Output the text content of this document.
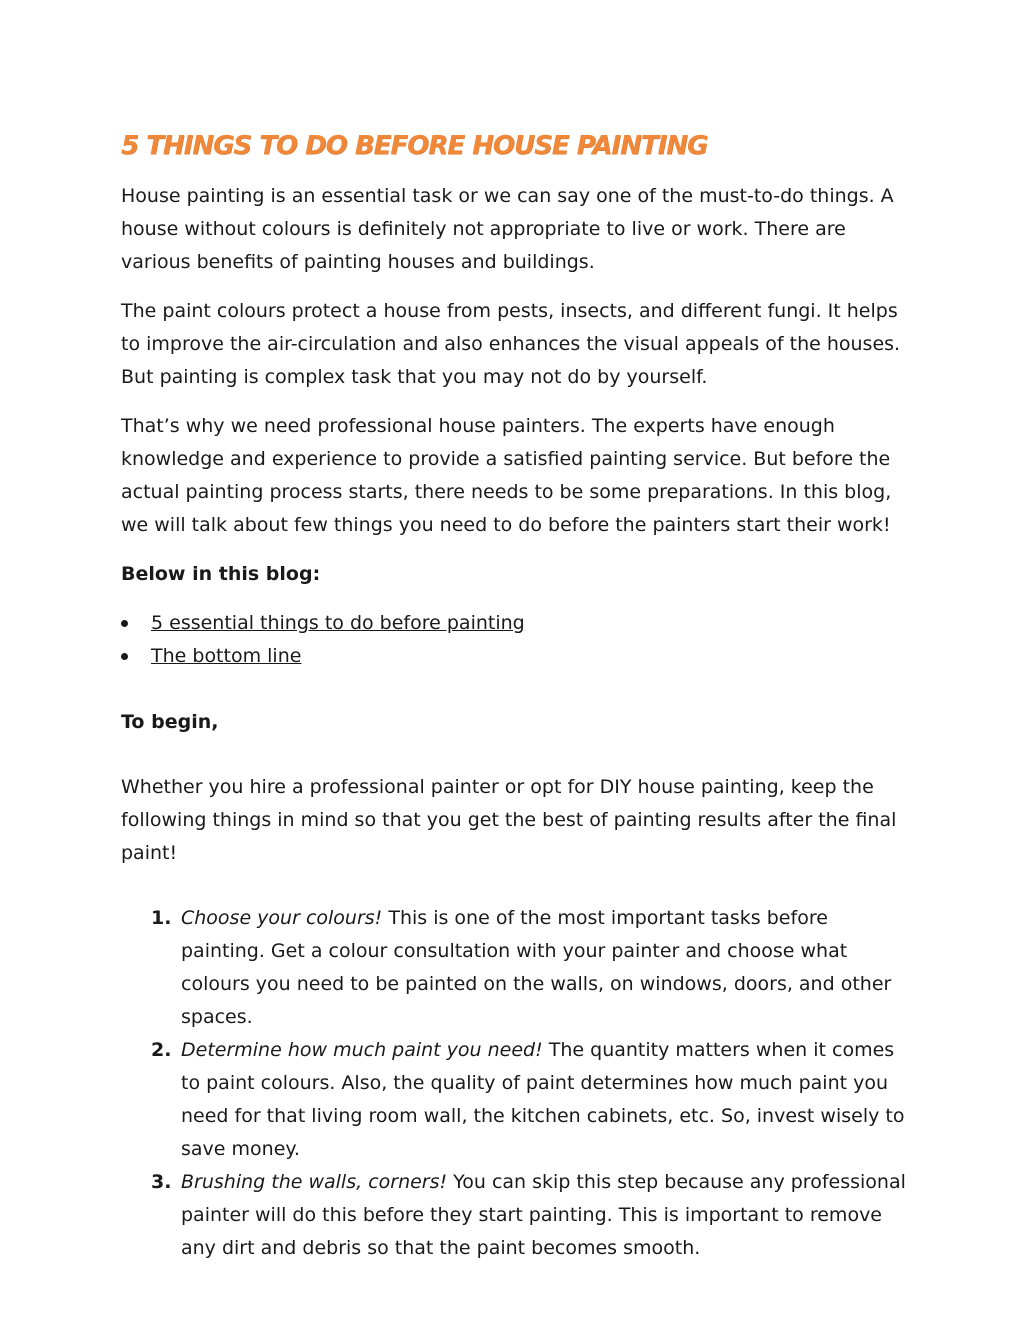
5 THINGS TO DO BEFORE HOUSE PAINTING

House painting is an essential task or we can say one of the must-to-do things. A house without colours is definitely not appropriate to live or work. There are various benefits of painting houses and buildings.

The paint colours protect a house from pests, insects, and different fungi. It helps to improve the air-circulation and also enhances the visual appeals of the houses. But painting is complex task that you may not do by yourself.

That’s why we need professional house painters. The experts have enough knowledge and experience to provide a satisfied painting service. But before the actual painting process starts, there needs to be some preparations. In this blog, we will talk about few things you need to do before the painters start their work!

Below in this blog:

5 essential things to do before painting
The bottom line

To begin,

Whether you hire a professional painter or opt for DIY house painting, keep the following things in mind so that you get the best of painting results after the final paint!

1. Choose your colours! This is one of the most important tasks before painting. Get a colour consultation with your painter and choose what colours you need to be painted on the walls, on windows, doors, and other spaces.
2. Determine how much paint you need! The quantity matters when it comes to paint colours. Also, the quality of paint determines how much paint you need for that living room wall, the kitchen cabinets, etc. So, invest wisely to save money.
3. Brushing the walls, corners! You can skip this step because any professional painter will do this before they start painting. This is important to remove any dirt and debris so that the paint becomes smooth.
